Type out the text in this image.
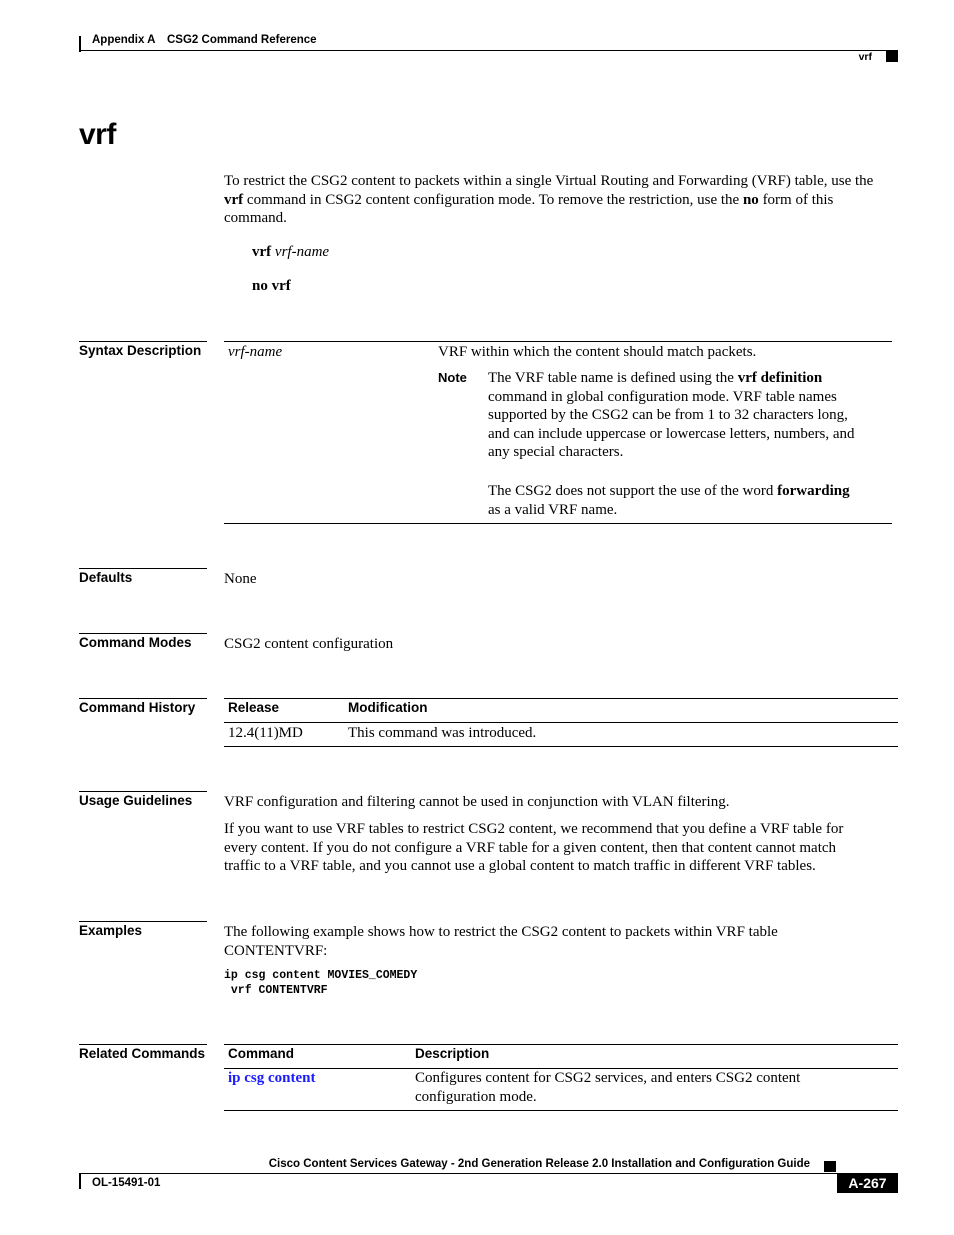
Appendix A CSG2 Command Reference
vrf
vrf
To restrict the CSG2 content to packets within a single Virtual Routing and Forwarding (VRF) table, use the
vrf command in CSG2 content configuration mode. To remove the restriction, use the no form of this
command.
vrf vrf-name
no vrf
Syntax Description	vrf-name	VRF within which the content should match packets.
Note The VRF table name is defined using the vrf definition
command in global configuration mode. VRF table names
supported by the CSG2 can be from 1 to 32 characters long,
and can include uppercase or lowercase letters, numbers, and
any special characters.
The CSG2 does not support the use of the word forwarding
as a valid VRF name.
Defaults	None
Command Modes	CSG2 content configuration
Command History	Release	Modification
12.4(11)MD	This command was introduced.
Usage Guidelines	VRF configuration and filtering cannot be used in conjunction with VLAN filtering.
If you want to use VRF tables to restrict CSG2 content, we recommend that you define a VRF table for
every content. If you do not configure a VRF table for a given content, then that content cannot match
traffic to a VRF table, and you cannot use a global content to match traffic in different VRF tables.
Examples	The following example shows how to restrict the CSG2 content to packets within VRF table
CONTENTVRF:
ip csg content MOVIES_COMEDY
vrf CONTENTVRF
Related Commands Command	Description
ip csg content	Configures content for CSG2 services, and enters CSG2 content
configuration mode.
Cisco Content Services Gateway - 2nd Generation Release 2.0 Installation and Configuration Guide
OL-15491-01	A-267
